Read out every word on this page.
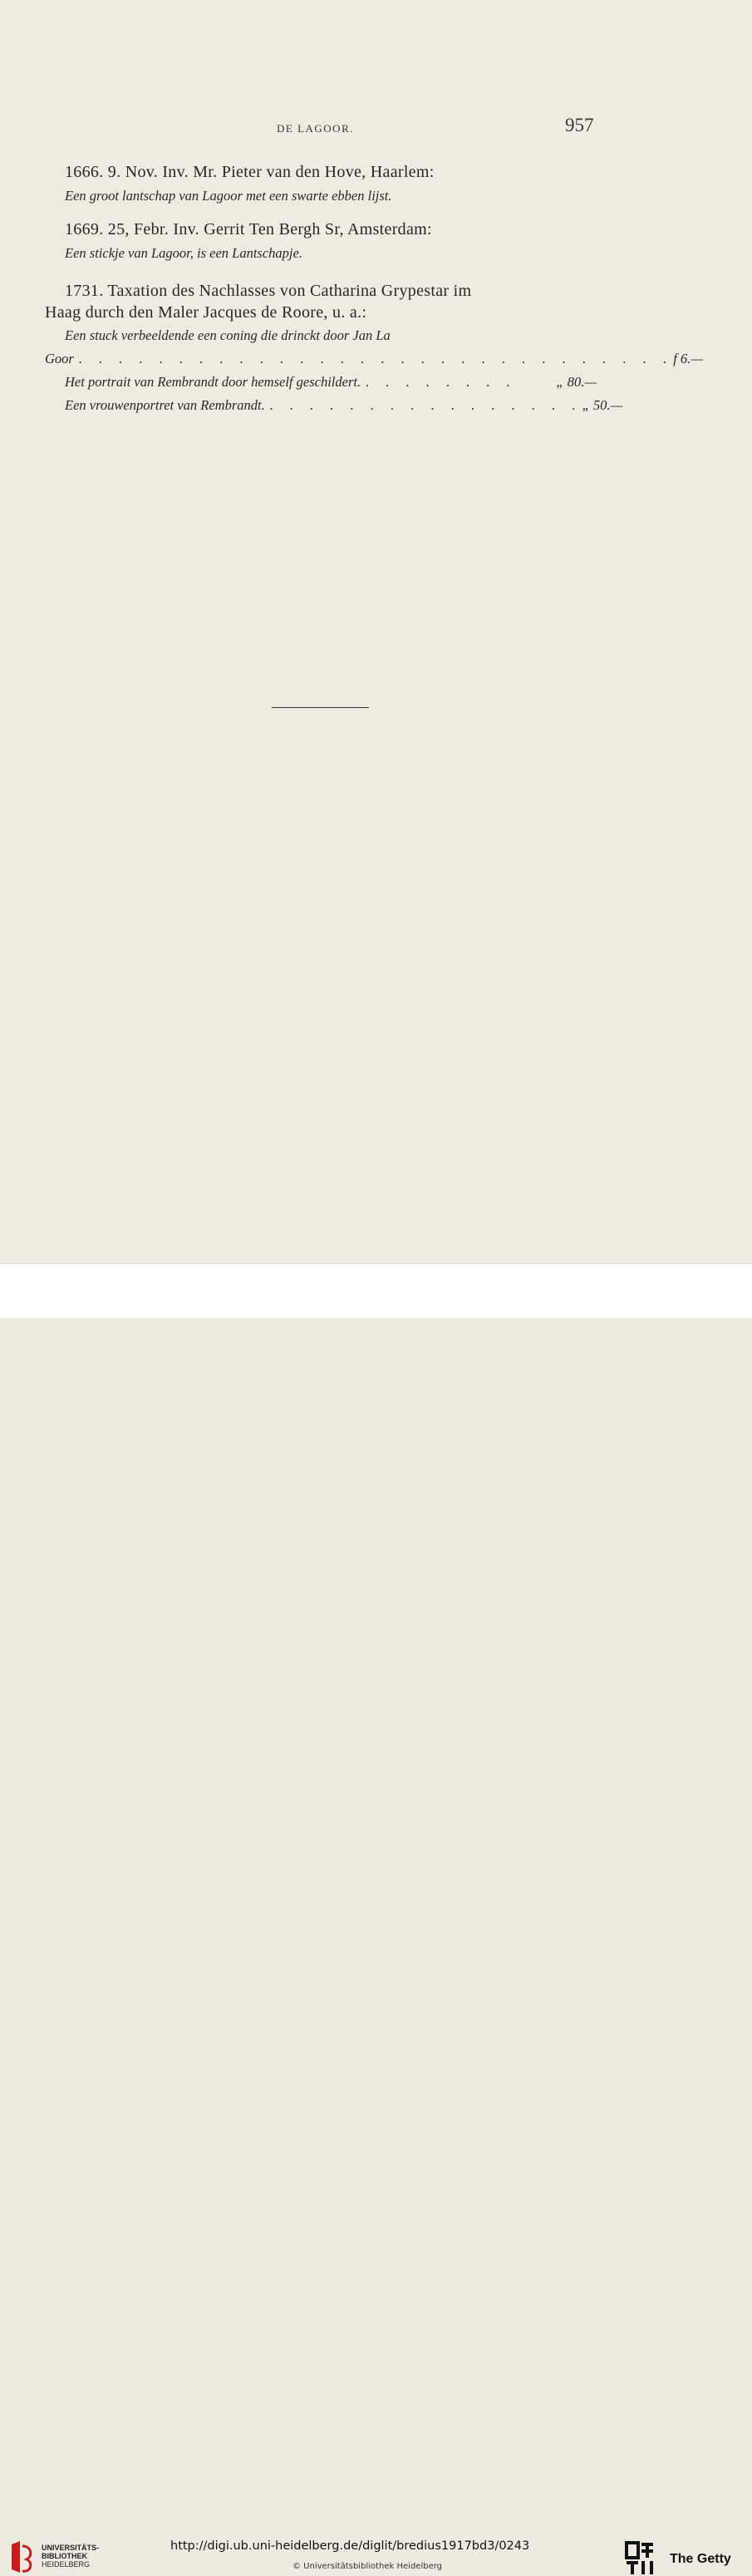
DE LAGOOR.	957
1666. 9. Nov. Inv. Mr. Pieter van den Hove, Haarlem:
Een groot lantschap van Lagoor met een swarte ebben lijst.
1669. 25, Febr. Inv. Gerrit Ten Bergh Sr, Amsterdam:
Een stickje van Lagoor, is een Lantschapje.
1731. Taxation des Nachlasses von Catharina Grypestar im
Haag durch den Maler Jacques de Roore, u. a.:
Een stuck verbeeldende een coning die drinckt door Jan La
Goor . . . . . . . . . . . . . . . . . . . . . . . . . . . . . . f 6.—
Het portrait van Rembrandt door hemself geschildert. . . . . . . . .	„ 80.—
Een vrouwenportret van Rembrandt. . . . . . . . . . . . . . . . . „ 50.—
UNIVERSITÄTS-
BIBLIOTHEK
HEIDELBERG
http://digi.ub.uni-heidelberg.de/diglit/bredius1917bd3/0243
© Universitätsbibliothek Heidelberg
The Getty
